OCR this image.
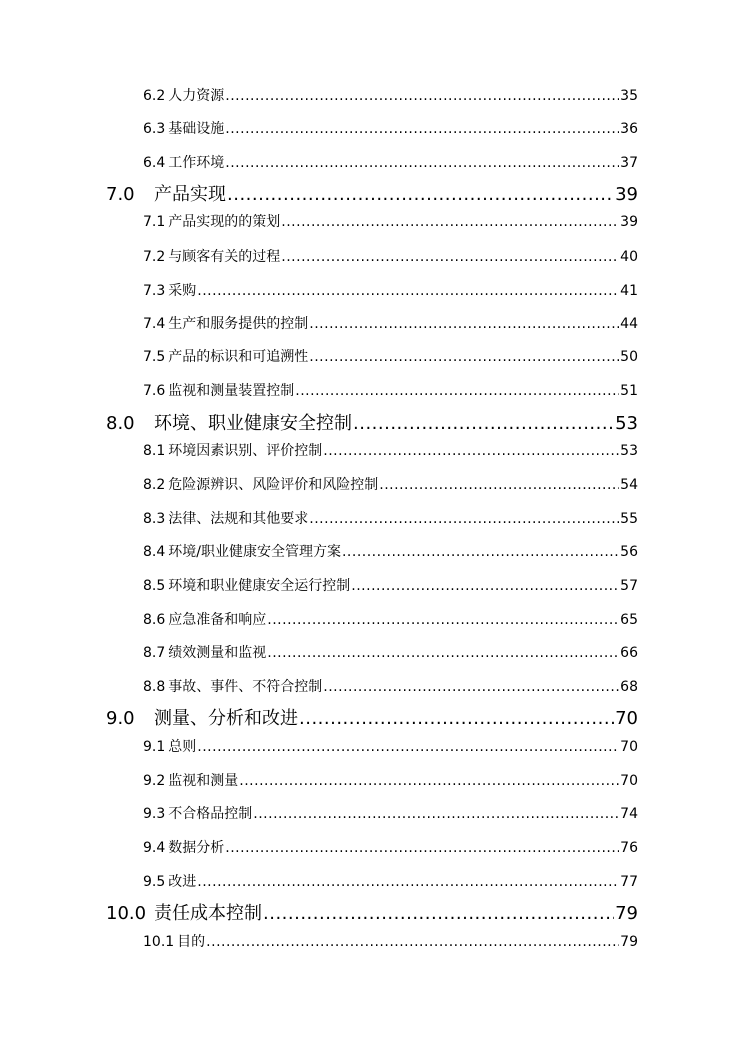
6.2 人力资源 .....	35
6.3 基础设施 .....	36
6.4 工作环境 .....	37
7.0	产品实现 .....	39
7.1 产品实现的的策划 .....	39
7.2 与顾客有关的过程 .....	40
7.3 采购 .....	41
7.4 生产和服务提供的控制 .....	44
7.5 产品的标识和可追溯性 .....	50
7.6 监视和测量装置控制 .....	51
8.0	环境、职业健康安全控制 .....	53
8.1 环境因素识别、评价控制 .....	53
8.2 危险源辨识、风险评价和风险控制 .....	54
8.3 法律、法规和其他要求 .....	55
8.4 环境/职业健康安全管理方案 .....	56
8.5 环境和职业健康安全运行控制 .....	57
8.6 应急准备和响应 .....	65
8.7 绩效测量和监视 .....	66
8.8 事故、事件、不符合控制 .....	68
9.0	测量、分析和改进 .....	70
9.1 总则 .....	70
9.2 监视和测量 .....	70
9.3 不合格品控制 .....	74
9.4 数据分析 .....	76
9.5 改进 .....	77
10.0 责任成本控制 .....	79
10.1 目的 .....	79
